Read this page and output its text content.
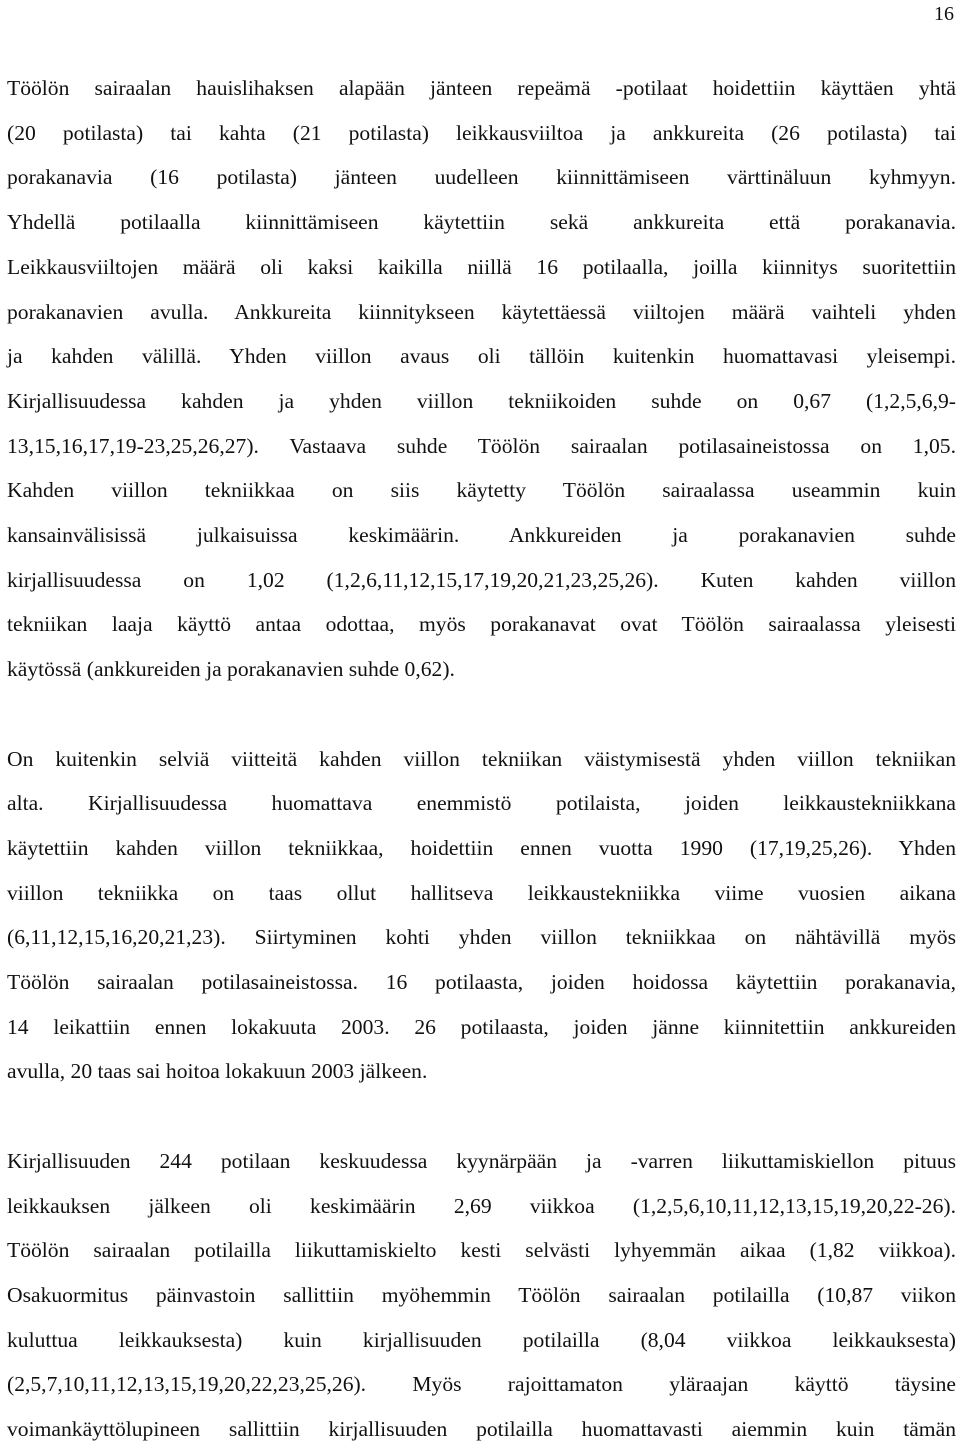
16

Töölön sairaalan hauislihaksen alapään jänteen repeämä -potilaat hoidettiin käyttäen yhtä
(20 potilasta) tai kahta (21 potilasta) leikkausviiltoa ja ankkureita (26 potilasta) tai
porakanavia (16 potilasta) jänteen uudelleen kiinnittämiseen värttinäluun kyhmyyn.
Yhdellä potilaalla kiinnittämiseen käytettiin sekä ankkureita että porakanavia.
Leikkausviiltojen määrä oli kaksi kaikilla niillä 16 potilaalla, joilla kiinnitys suoritettiin
porakanavien avulla. Ankkureita kiinnitykseen käytettäessä viiltojen määrä vaihteli yhden
ja kahden välillä. Yhden viillon avaus oli tällöin kuitenkin huomattavasi yleisempi.
Kirjallisuudessa kahden ja yhden viillon tekniikoiden suhde on 0,67 (1,2,5,6,9-
13,15,16,17,19-23,25,26,27). Vastaava suhde Töölön sairaalan potilasaineistossa on 1,05.
Kahden viillon tekniikkaa on siis käytetty Töölön sairaalassa useammin kuin
kansainvälisissä julkaisuissa keskimäärin. Ankkureiden ja porakanavien suhde
kirjallisuudessa on 1,02 (1,2,6,11,12,15,17,19,20,21,23,25,26). Kuten kahden viillon
tekniikan laaja käyttö antaa odottaa, myös porakanavat ovat Töölön sairaalassa yleisesti
käytössä (ankkureiden ja porakanavien suhde 0,62).

On kuitenkin selviä viitteitä kahden viillon tekniikan väistymisestä yhden viillon tekniikan
alta. Kirjallisuudessa huomattava enemmistö potilaista, joiden leikkaustekniikkana
käytettiin kahden viillon tekniikkaa, hoidettiin ennen vuotta 1990 (17,19,25,26). Yhden
viillon tekniikka on taas ollut hallitseva leikkaustekniikka viime vuosien aikana
(6,11,12,15,16,20,21,23). Siirtyminen kohti yhden viillon tekniikkaa on nähtävillä myös
Töölön sairaalan potilasaineistossa. 16 potilaasta, joiden hoidossa käytettiin porakanavia,
14 leikattiin ennen lokakuuta 2003. 26 potilaasta, joiden jänne kiinnitettiin ankkureiden
avulla, 20 taas sai hoitoa lokakuun 2003 jälkeen.

Kirjallisuuden 244 potilaan keskuudessa kyynärpään ja -varren liikuttamiskiellon pituus
leikkauksen jälkeen oli keskimäärin 2,69 viikkoa (1,2,5,6,10,11,12,13,15,19,20,22-26).
Töölön sairaalan potilailla liikuttamiskielto kesti selvästi lyhyemmän aikaa (1,82 viikkoa).
Osakuormitus päinvastoin sallittiin myöhemmin Töölön sairaalan potilailla (10,87 viikon
kuluttua leikkauksesta) kuin kirjallisuuden potilailla (8,04 viikkoa leikkauksesta)
(2,5,7,10,11,12,13,15,19,20,22,23,25,26). Myös rajoittamaton yläraajan käyttö täysine
voimankäyttölupineen sallittiin kirjallisuuden potilailla huomattavasti aiemmin kuin tämän
